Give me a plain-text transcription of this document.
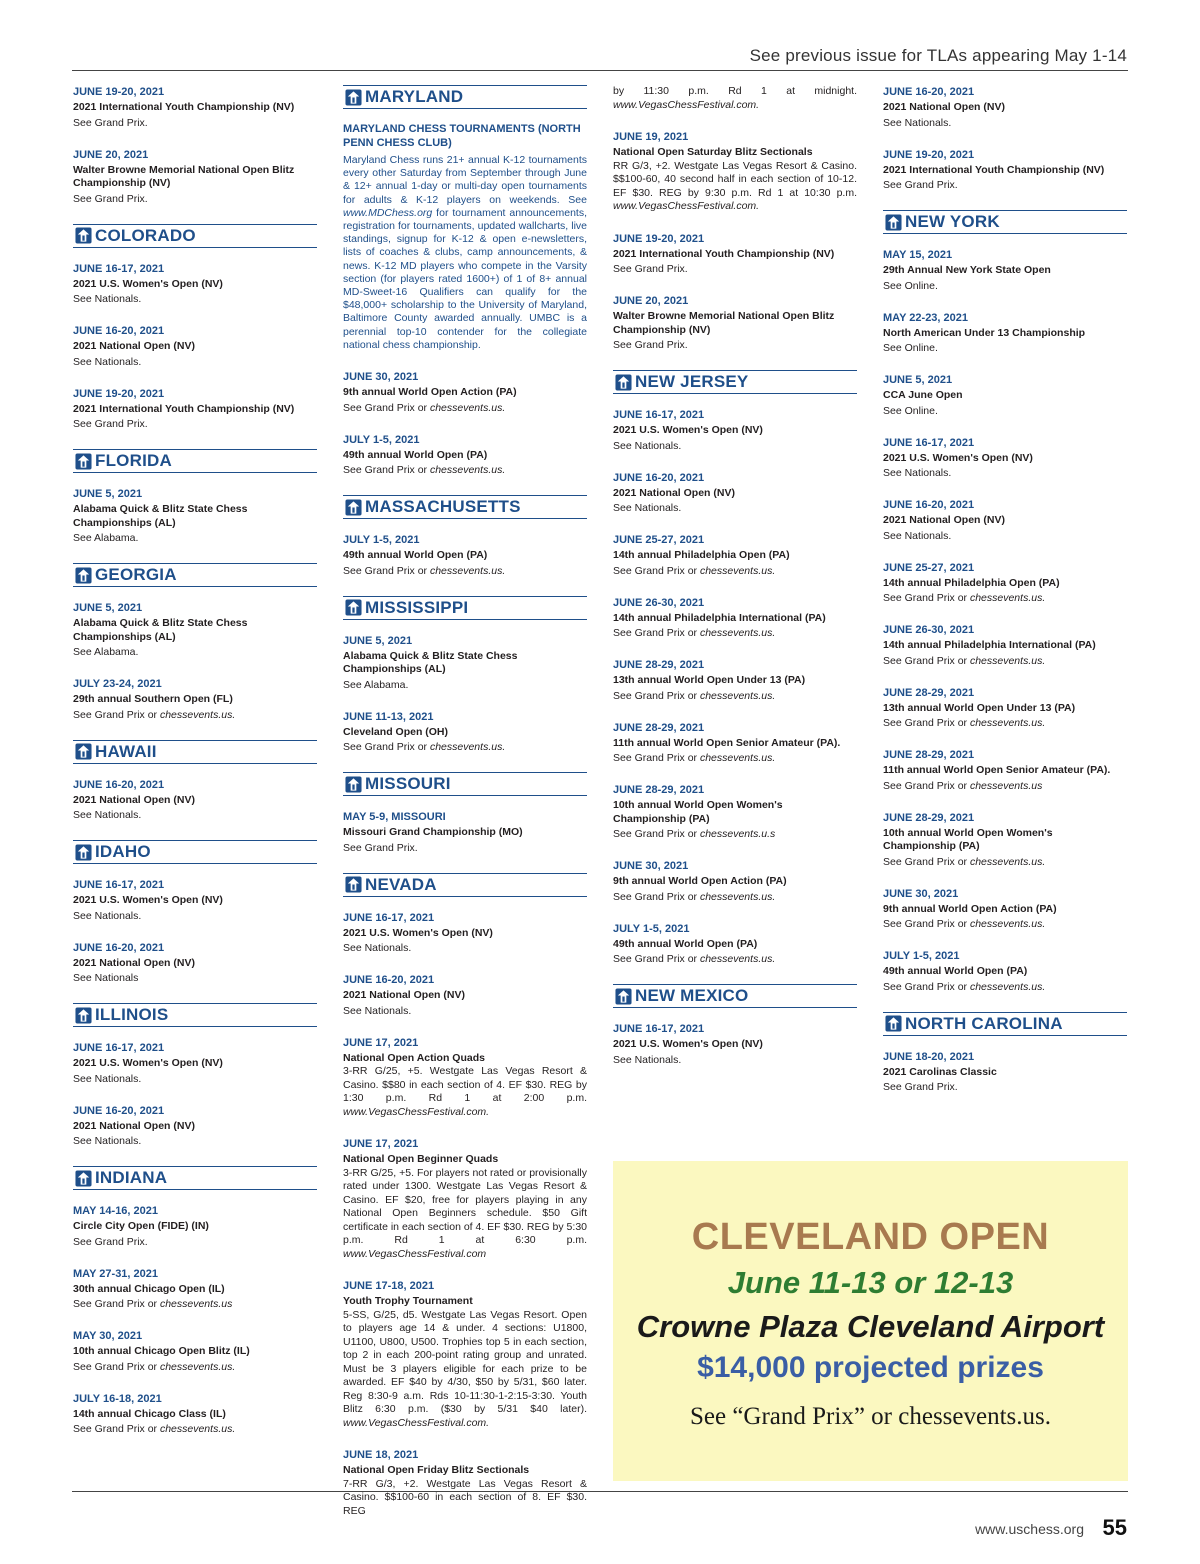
See previous issue for TLAs appearing May 1-14
JUNE 19-20, 2021
2021 International Youth Championship (NV)
See Grand Prix.
JUNE 20, 2021
Walter Browne Memorial National Open Blitz Championship (NV)
See Grand Prix.
COLORADO
JUNE 16-17, 2021
2021 U.S. Women's Open (NV)
See Nationals.
JUNE 16-20, 2021
2021 National Open (NV)
See Nationals.
JUNE 19-20, 2021
2021 International Youth Championship (NV)
See Grand Prix.
FLORIDA
JUNE 5, 2021
Alabama Quick & Blitz State Chess Championships (AL)
See Alabama.
GEORGIA
JUNE 5, 2021
Alabama Quick & Blitz State Chess Championships (AL)
See Alabama.
JULY 23-24, 2021
29th annual Southern Open (FL)
See Grand Prix or chessevents.us.
HAWAII
JUNE 16-20, 2021
2021 National Open (NV)
See Nationals.
IDAHO
JUNE 16-17, 2021
2021 U.S. Women's Open (NV)
See Nationals.
JUNE 16-20, 2021
2021 National Open (NV)
See Nationals
ILLINOIS
JUNE 16-17, 2021
2021 U.S. Women's Open (NV)
See Nationals.
JUNE 16-20, 2021
2021 National Open (NV)
See Nationals.
INDIANA
MAY 14-16, 2021
Circle City Open (FIDE) (IN)
See Grand Prix.
MAY 27-31, 2021
30th annual Chicago Open (IL)
See Grand Prix or chessevents.us
MAY 30, 2021
10th annual Chicago Open Blitz (IL)
See Grand Prix or chessevents.us.
JULY 16-18, 2021
14th annual Chicago Class (IL)
See Grand Prix or chessevents.us.
MARYLAND
MARYLAND CHESS TOURNAMENTS (NORTH PENN CHESS CLUB)
Maryland Chess runs 21+ annual K-12 tournaments every other Saturday from September through June & 12+ annual 1-day or multi-day open tournaments for adults & K-12 players on weekends. See www.MDChess.org for tournament announcements, registration for tournaments, updated wallcharts, live standings, signup for K-12 & open e-newsletters, lists of coaches & clubs, camp announcements, & news. K-12 MD players who compete in the Varsity section (for players rated 1600+) of 1 of 8+ annual MD-Sweet-16 Qualifiers can qualify for the $48,000+ scholarship to the University of Maryland, Baltimore County awarded annually. UMBC is a perennial top-10 contender for the collegiate national chess championship.
JUNE 30, 2021
9th annual World Open Action (PA)
See Grand Prix or chessevents.us.
JULY 1-5, 2021
49th annual World Open (PA)
See Grand Prix or chessevents.us.
MASSACHUSETTS
JULY 1-5, 2021
49th annual World Open (PA)
See Grand Prix or chessevents.us.
MISSISSIPPI
JUNE 5, 2021
Alabama Quick & Blitz State Chess Championships (AL)
See Alabama.
JUNE 11-13, 2021
Cleveland Open (OH)
See Grand Prix or chessevents.us.
MISSOURI
MAY 5-9, MISSOURI
Missouri Grand Championship (MO)
See Grand Prix.
NEVADA
JUNE 16-17, 2021
2021 U.S. Women's Open (NV)
See Nationals.
JUNE 16-20, 2021
2021 National Open (NV)
See Nationals.
JUNE 17, 2021
National Open Action Quads
3-RR G/25, +5. Westgate Las Vegas Resort & Casino. $$80 in each section of 4. EF $30. REG by 1:30 p.m. Rd 1 at 2:00 p.m. www.VegasChessFestival.com.
JUNE 17, 2021
National Open Beginner Quads
3-RR G/25, +5. For players not rated or provisionally rated under 1300. Westgate Las Vegas Resort & Casino. EF $20, free for players playing in any National Open Beginners schedule. $50 Gift certificate in each section of 4. EF $30. REG by 5:30 p.m. Rd 1 at 6:30 p.m. www.VegasChessFestival.com
JUNE 17-18, 2021
Youth Trophy Tournament
5-SS, G/25, d5. Westgate Las Vegas Resort. Open to players age 14 & under. 4 sections: U1800, U1100, U800, U500. Trophies top 5 in each section, top 2 in each 200-point rating group and unrated. Must be 3 players eligible for each prize to be awarded. EF $40 by 4/30, $50 by 5/31, $60 later. Reg 8:30-9 a.m. Rds 10-11:30-1-2:15-3:30. Youth Blitz 6:30 p.m. ($30 by 5/31 $40 later). www.VegasChessFestival.com.
JUNE 18, 2021
National Open Friday Blitz Sectionals
7-RR G/3, +2. Westgate Las Vegas Resort & Casino. $$100-60 in each section of 8. EF $30. REG
by 11:30 p.m. Rd 1 at midnight. www.VegasChessFestival.com.
JUNE 19, 2021
National Open Saturday Blitz Sectionals
RR G/3, +2. Westgate Las Vegas Resort & Casino. $$100-60, 40 second half in each section of 10-12. EF $30. REG by 9:30 p.m. Rd 1 at 10:30 p.m. www.VegasChessFestival.com.
JUNE 19-20, 2021
2021 International Youth Championship (NV)
See Grand Prix.
JUNE 20, 2021
Walter Browne Memorial National Open Blitz Championship (NV)
See Grand Prix.
NEW JERSEY
JUNE 16-17, 2021
2021 U.S. Women's Open (NV)
See Nationals.
JUNE 16-20, 2021
2021 National Open (NV)
See Nationals.
JUNE 25-27, 2021
14th annual Philadelphia Open (PA)
See Grand Prix or chessevents.us.
JUNE 26-30, 2021
14th annual Philadelphia International (PA)
See Grand Prix or chessevents.us.
JUNE 28-29, 2021
13th annual World Open Under 13 (PA)
See Grand Prix or chessevents.us.
JUNE 28-29, 2021
11th annual World Open Senior Amateur (PA).
See Grand Prix or chessevents.us.
JUNE 28-29, 2021
10th annual World Open Women's Championship (PA)
See Grand Prix or chessevents.u.s
JUNE 30, 2021
9th annual World Open Action (PA)
See Grand Prix or chessevents.us.
JULY 1-5, 2021
49th annual World Open (PA)
See Grand Prix or chessevents.us.
NEW MEXICO
JUNE 16-17, 2021
2021 U.S. Women's Open (NV)
See Nationals.
JUNE 16-20, 2021
2021 National Open (NV)
See Nationals.
JUNE 19-20, 2021
2021 International Youth Championship (NV)
See Grand Prix.
NEW YORK
MAY 15, 2021
29th Annual New York State Open
See Online.
MAY 22-23, 2021
North American Under 13 Championship
See Online.
JUNE 5, 2021
CCA June Open
See Online.
JUNE 16-17, 2021
2021 U.S. Women's Open (NV)
See Nationals.
JUNE 16-20, 2021
2021 National Open (NV)
See Nationals.
JUNE 25-27, 2021
14th annual Philadelphia Open (PA)
See Grand Prix or chessevents.us.
JUNE 26-30, 2021
14th annual Philadelphia International (PA)
See Grand Prix or chessevents.us.
JUNE 28-29, 2021
13th annual World Open Under 13 (PA)
See Grand Prix or chessevents.us.
JUNE 28-29, 2021
11th annual World Open Senior Amateur (PA).
See Grand Prix or chessevents.us
JUNE 28-29, 2021
10th annual World Open Women's Championship (PA)
See Grand Prix or chessevents.us.
JUNE 30, 2021
9th annual World Open Action (PA)
See Grand Prix or chessevents.us.
JULY 1-5, 2021
49th annual World Open (PA)
See Grand Prix or chessevents.us.
NORTH CAROLINA
JUNE 18-20, 2021
2021 Carolinas Classic
See Grand Prix.
CLEVELAND OPEN
June 11-13 or 12-13
Crowne Plaza Cleveland Airport
$14,000 projected prizes
See “Grand Prix” or chessevents.us.
www.uschess.org 55
